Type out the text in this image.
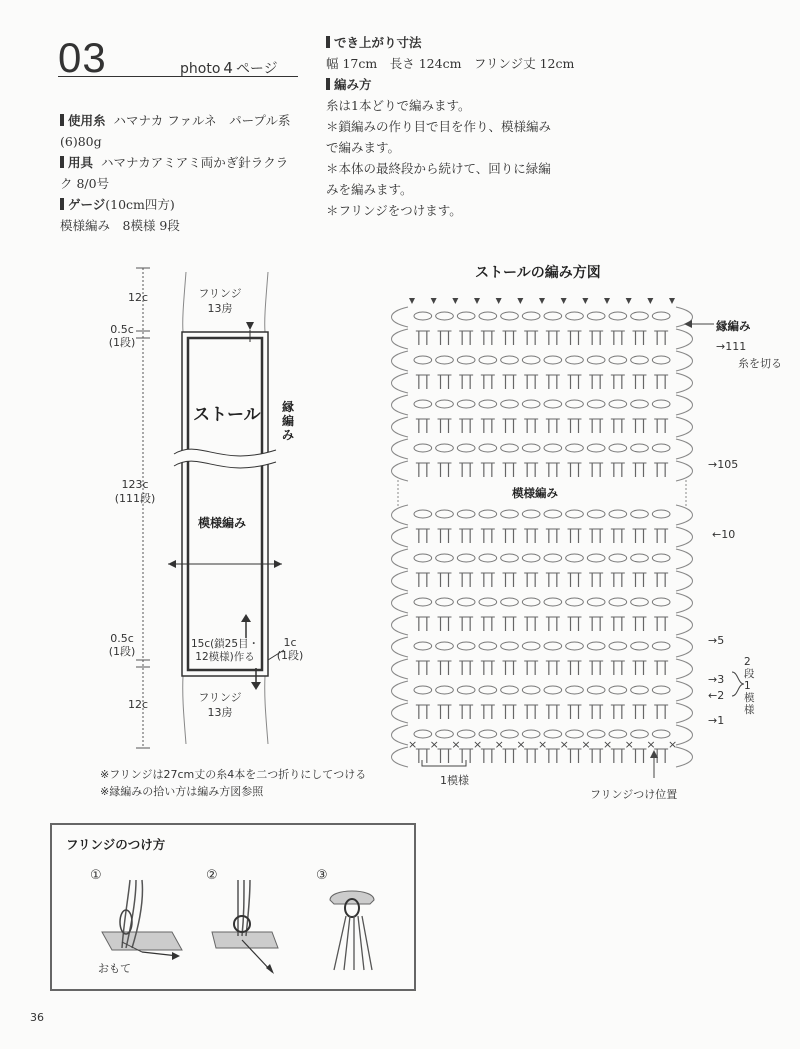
03	photo 4 ページ
使用糸 ハマナカ ファルネ　パープル系
(6)80g
用具 ハマナカアミアミ両かぎ針ラクラ
ク 8/0号
ゲージ(10cm四方)
模様編み　8模様 9段
でき上がり寸法
幅 17cm　長さ 124cm　フリンジ丈 12cm
編み方
糸は1本どりで編みます。
＊鎖編みの作り目で目を作り、模様編み
で編みます。
＊本体の最終段から続けて、回りに緑編
みを編みます。
＊フリンジをつけます。
12c
0.5c
(1段)
123c
(111段)
0.5c
(1段)
12c
フリンジ
13房
ストール 縁編み
模様編み
15c(鎖25目・
12模様)作る
1c
(1段)
フリンジ
13房
※フリンジは27cm丈の糸4本を二つ折りにしてつける
※縁編みの拾い方は編み方図参照
ストールの編み方図
× × × × × × × × × × × × ×
縁編み
糸を切る
→111
→105
模様編み
←10
→5
→3
←2
→1
2段1模様
1模様
フリンジつけ位置
フリンジのつけ方
①	②	③
おもて
36
